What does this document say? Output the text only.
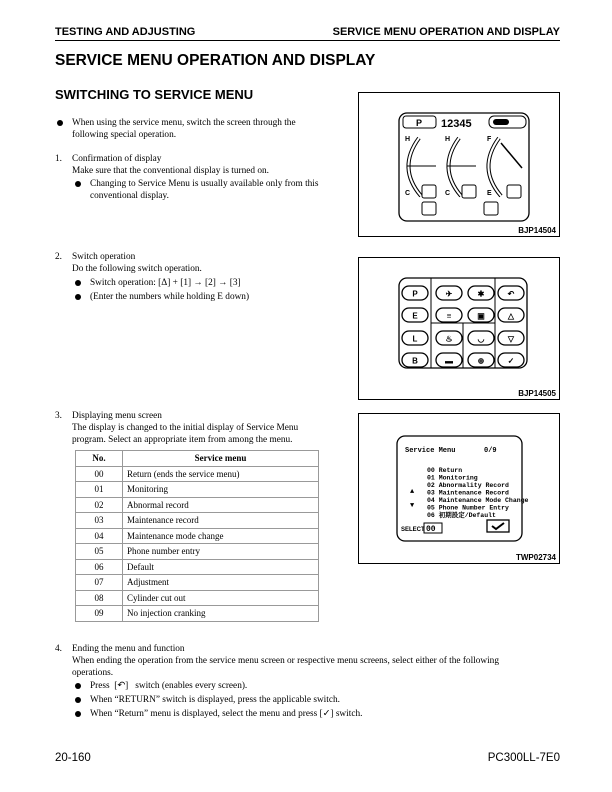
TESTING AND ADJUSTING	SERVICE MENU OPERATION AND DISPLAY
SERVICE MENU OPERATION AND DISPLAY
SWITCHING TO SERVICE MENU
When using the service menu, switch the screen through the
following special operation.
1. Confirmation of display
Make sure that the conventional display is turned on.
Changing to Service Menu is usually available only from this
conventional display.
2. Switch operation
Do the following switch operation.
Switch operation: [Δ] + [1] → [2] → [3]
(Enter the numbers while holding E down)
3. Displaying menu screen
The display is changed to the initial display of Service Menu
No.	Service menu
00	Return (ends the service menu)
01	Monitoring
02	Abnormal record
03	Maintenance record
04	Maintenance mode change
05	Phone number entry
06	Default
07	Adjustment
08	Cylinder cut out
09	No injection cranking
4. Ending the menu and function
When ending the operation from the service menu screen or respective menu screens, select either of the following
operations.
Press  [↶]   switch (enables every screen).
When “RETURN” switch is displayed, press the applicable switch.
When “Return” menu is displayed, select the menu and press [✓] switch.
P 12345
H	H	F
C	C	E
BJP14504
P
E
L
B
✈	✱
≡	▣
♨	◡
▬	⊕
↶
△
▽
✓
BJP14505
Service Menu	0/9
00 Return
01 Monitoring
02 Abnormality Record
03 Maintenance Record
04 Maintenance Mode Change
05 Phone Number Entry
06 初期設定/Default
▲
▼
SELECT 00
TWP02734
20-160	PC300LL-7E0
program. Select an appropriate item from among the menu.
